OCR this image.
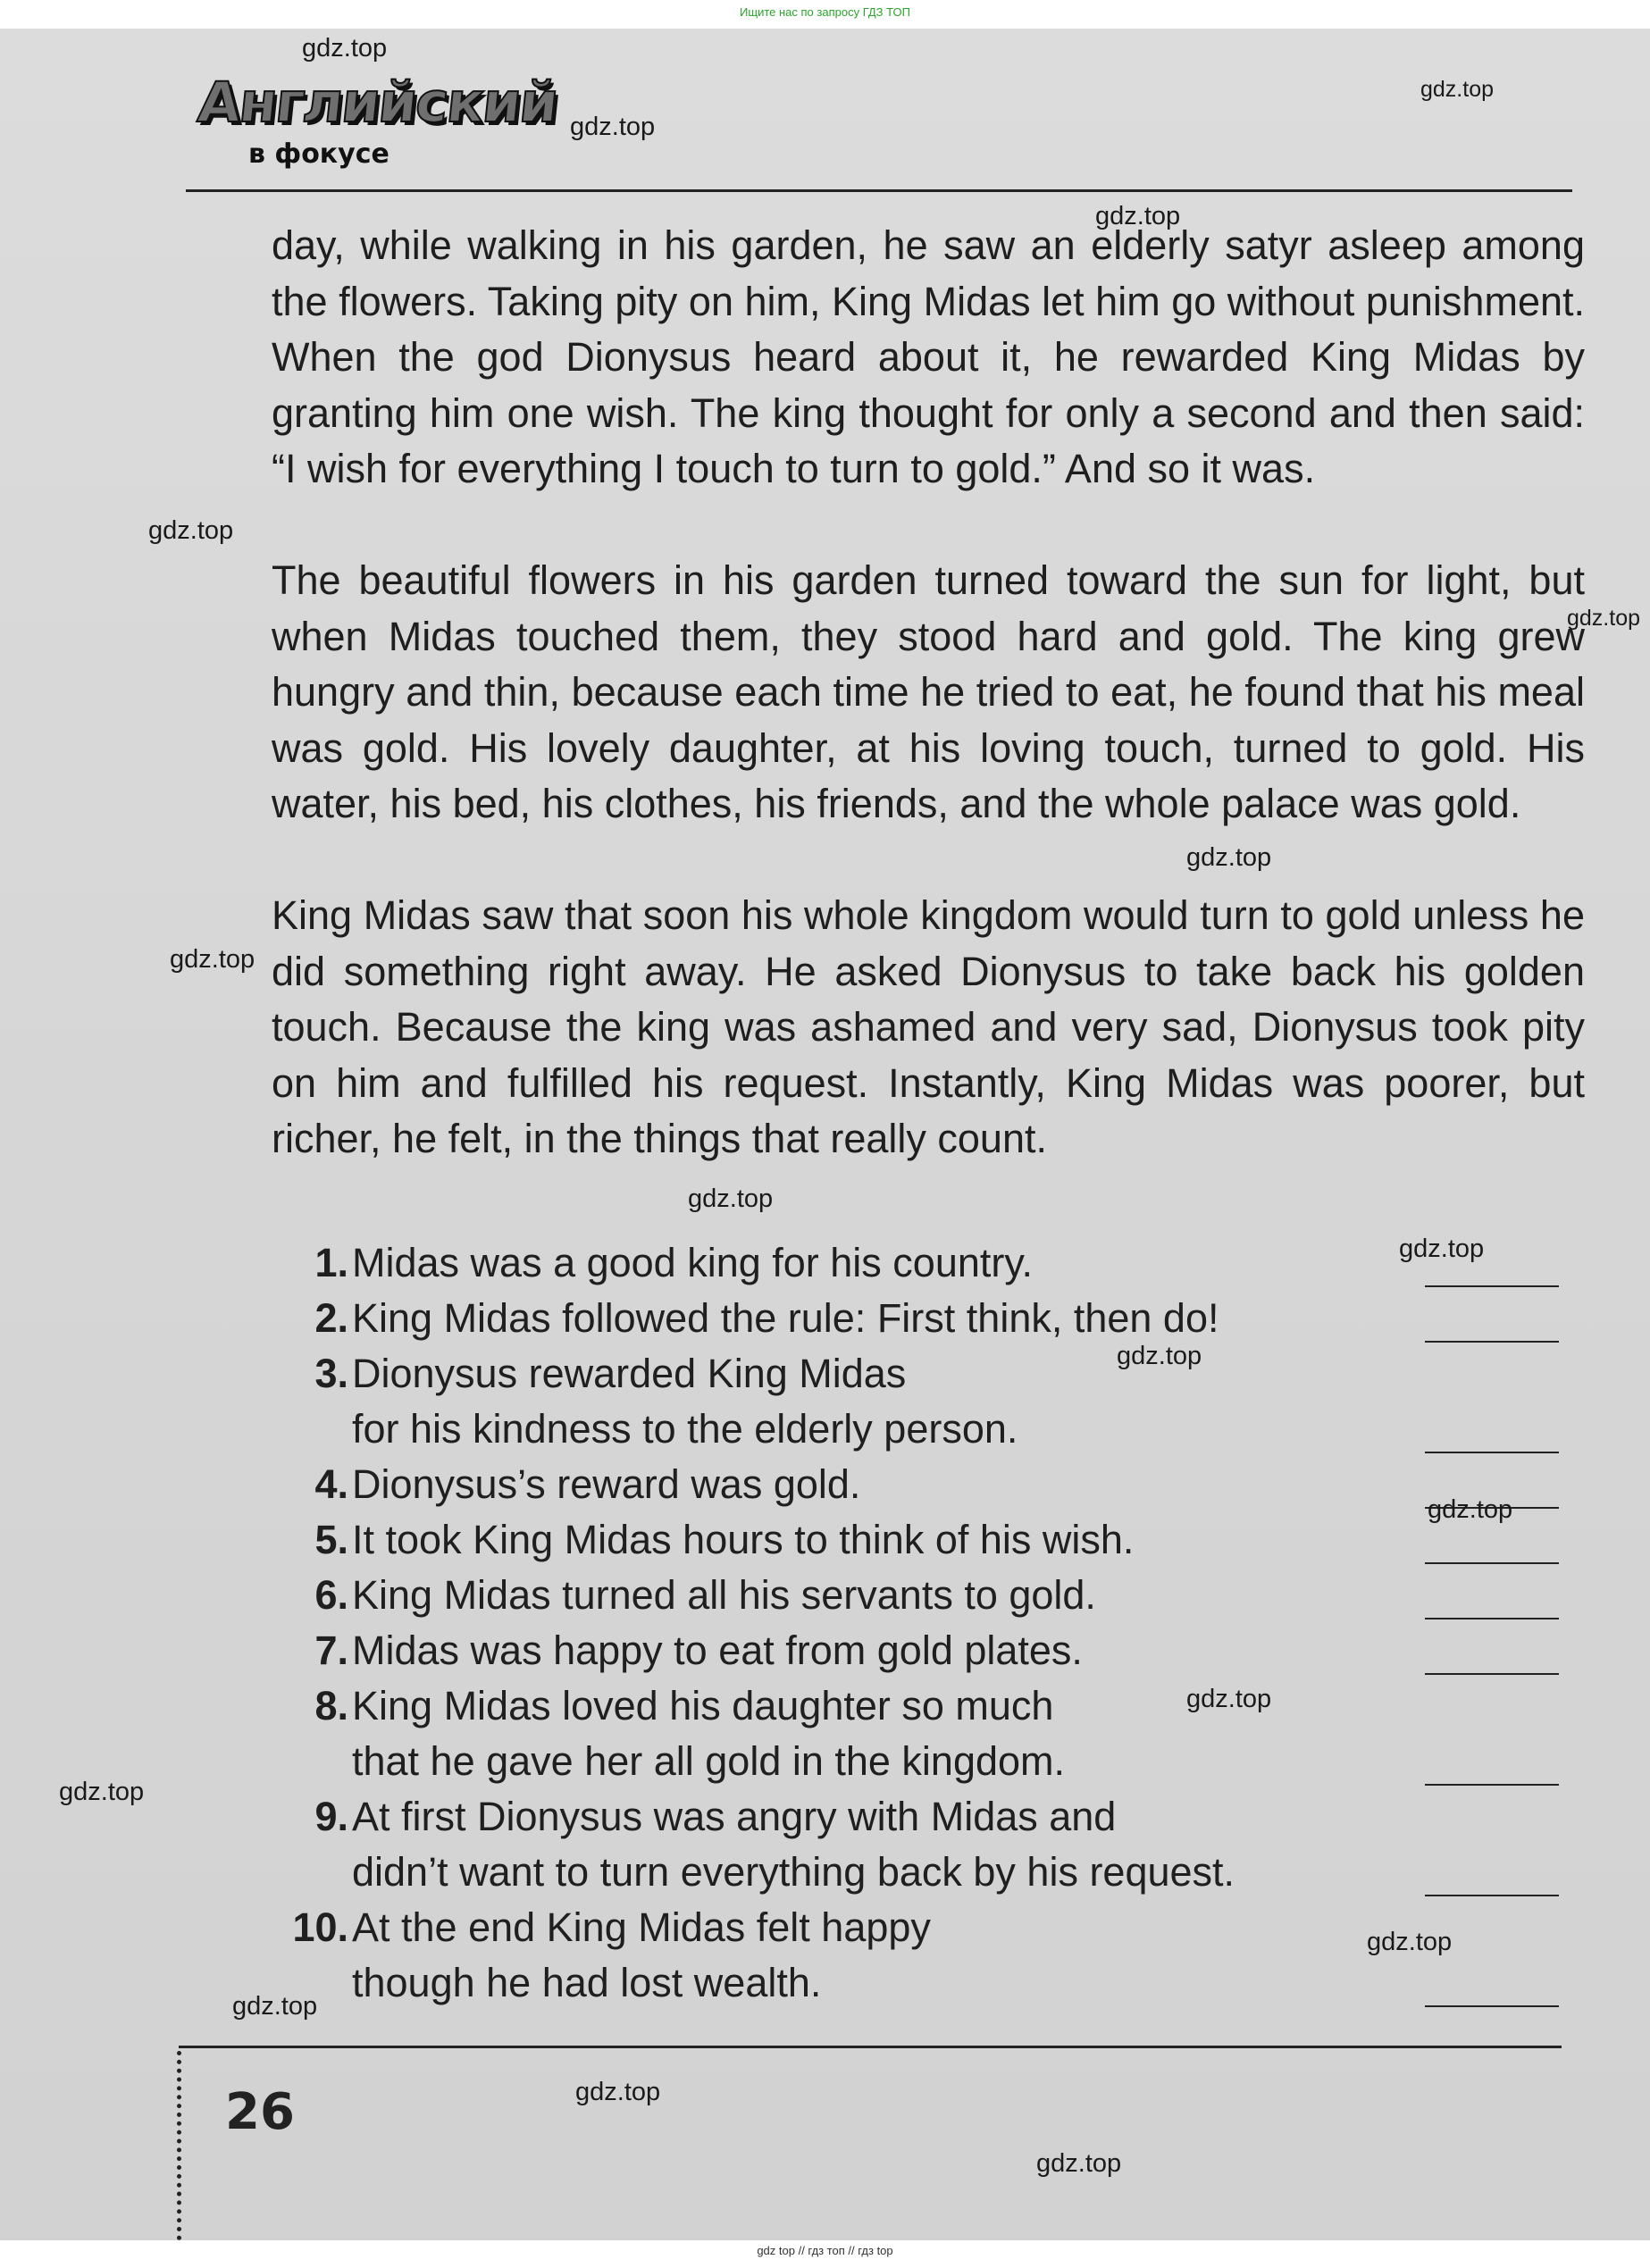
Ищите нас по запросу ГДЗ ТОП
Английский
в фокусе

day, while walking in his garden, he saw an elderly satyr asleep among the flowers. Taking pity on him, King Midas let him go without punishment. When the god Dionysus heard about it, he rewarded King Midas by granting him one wish. The king thought for only a second and then said: “I wish for everything I touch to turn to gold.” And so it was.

The beautiful flowers in his garden turned toward the sun for light, but when Midas touched them, they stood hard and gold. The king grew hungry and thin, because each time he tried to eat, he found that his meal was gold. His lovely daughter, at his loving touch, turned to gold. His water, his bed, his clothes, his friends, and the whole palace was gold.

King Midas saw that soon his whole kingdom would turn to gold unless he did something right away. He asked Dionysus to take back his golden touch. Because the king was ashamed and very sad, Dionysus took pity on him and fulfilled his request. Instantly, King Midas was poorer, but richer, he felt, in the things that really count.

1. Midas was a good king for his country.
2. King Midas followed the rule: First think, then do!
3. Dionysus rewarded King Midas
for his kindness to the elderly person.
4. Dionysus’s reward was gold.
5. It took King Midas hours to think of his wish.
6. King Midas turned all his servants to gold.
7. Midas was happy to eat from gold plates.
8. King Midas loved his daughter so much
that he gave her all gold in the kingdom.
9. At first Dionysus was angry with Midas and
didn’t want to turn everything back by his request.
10. At the end King Midas felt happy
though he had lost wealth.
26
gdz.top
gdz.top
gdz.top
gdz.top
gdz.top
gdz.top
gdz.top
gdz.top
gdz.top
gdz.top
gdz.top
gdz.top
gdz.top
gdz.top
gdz.top
gdz.top
gdz.top
gdz.top
gdz top // гдз топ // гдз top
